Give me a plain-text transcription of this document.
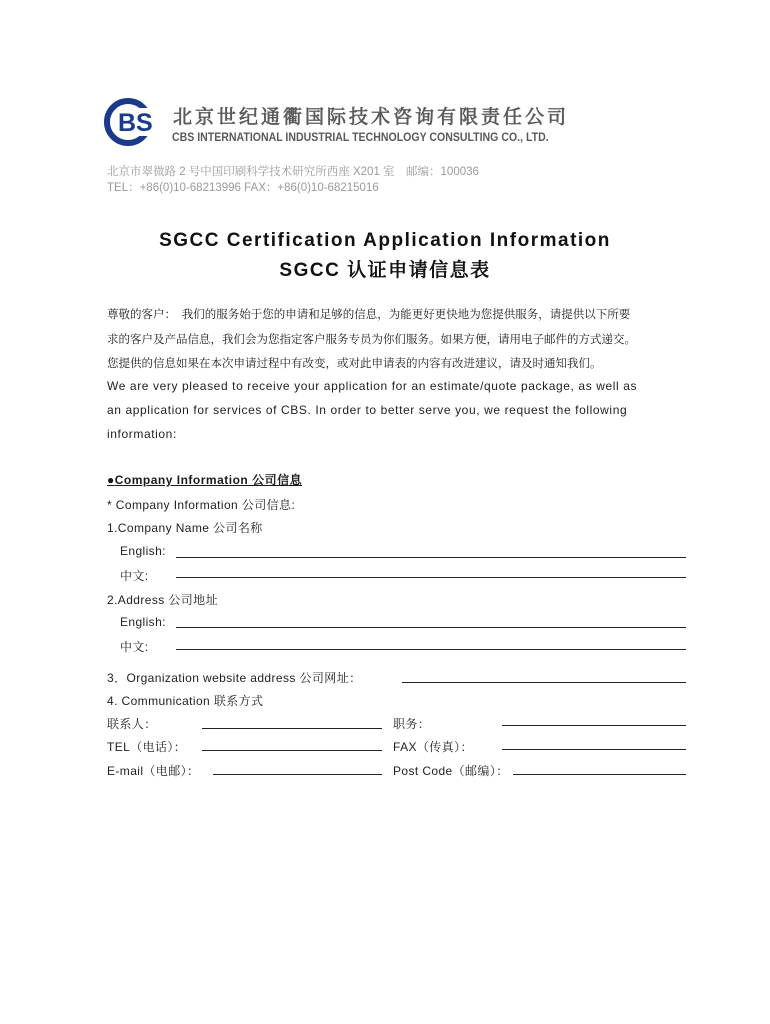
BS 北京世纪通衢国际技术咨询有限责任公司
CBS INTERNATIONAL INDUSTRIAL TECHNOLOGY CONSULTING CO., LTD.
北京市翠微路 2 号中国印刷科学技术研究所西座 X201 室　邮编：100036
TEL：+86(0)10-68213996 FAX：+86(0)10-68215016
SGCC Certification Application Information
SGCC 认证申请信息表
尊敬的客户：　我们的服务始于您的申请和足够的信息，为能更好更快地为您提供服务，请提供以下所要
求的客户及产品信息，我们会为您指定客户服务专员为你们服务。如果方便，请用电子邮件的方式递交。
您提供的信息如果在本次申请过程中有改变，或对此申请表的内容有改进建议，请及时通知我们。
We are very pleased to receive your application for an estimate/quote package, as well as
an application for services of CBS. In order to better serve you, we request the following
information:
●Company Information 公司信息
* Company Information 公司信息:
1.Company Name 公司名称
English:
中文:
2.Address 公司地址
English:
中文:
3．Organization website address 公司网址：
4. Communication 联系方式
联系人：	职务：
TEL（电话）：	FAX（传真）：
E-mail（电邮）：	Post Code（邮编）：
